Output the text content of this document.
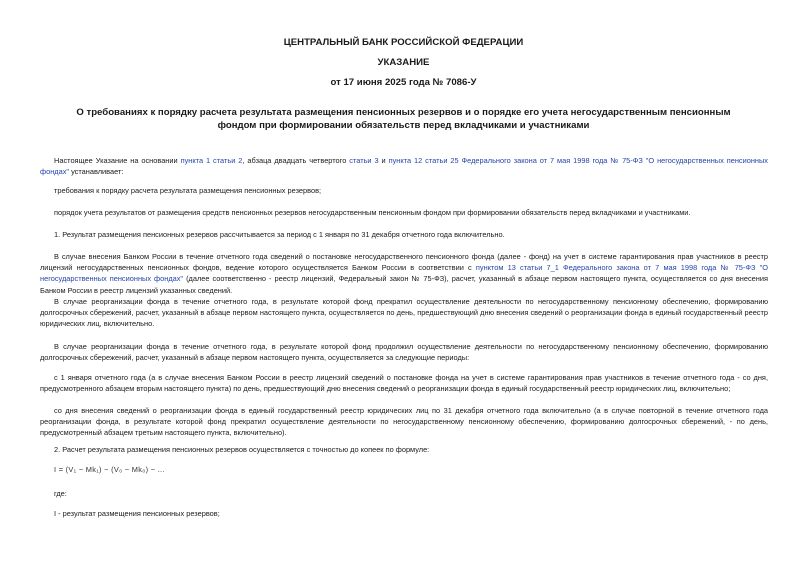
ЦЕНТРАЛЬНЫЙ БАНК РОССИЙСКОЙ ФЕДЕРАЦИИ
УКАЗАНИЕ
от 17 июня 2025 года № 7086-У
О требованиях к порядку расчета результата размещения пенсионных резервов и о порядке его учета негосударственным пенсионным фондом при формировании обязательств перед вкладчиками и участниками
Настоящее Указание на основании пункта 1 статьи 2, абзаца двадцать четвертого статьи 3 и пункта 12 статьи 25 Федерального закона от 7 мая 1998 года № 75-ФЗ "О негосударственных пенсионных фондах" устанавливает:
требования к порядку расчета результата размещения пенсионных резервов;
порядок учета результатов от размещения средств пенсионных резервов негосударственным пенсионным фондом при формировании обязательств перед вкладчиками и участниками.
1. Результат размещения пенсионных резервов рассчитывается за период с 1 января по 31 декабря отчетного года включительно.
В случае внесения Банком России в течение отчетного года сведений о постановке негосударственного пенсионного фонда (далее - фонд) на учет в системе гарантирования прав участников в реестр лицензий негосударственных пенсионных фондов, ведение которого осуществляется Банком России в соответствии с пунктом 13 статьи 7_1 Федерального закона от 7 мая 1998 года № 75-ФЗ "О негосударственных пенсионных фондах" (далее соответственно - реестр лицензий, Федеральный закон № 75-ФЗ), расчет, указанный в абзаце первом настоящего пункта, осуществляется со дня внесения Банком России в реестр лицензий указанных сведений.
В случае реорганизации фонда в течение отчетного года, в результате которой фонд прекратил осуществление деятельности по негосударственному пенсионному обеспечению, формированию долгосрочных сбережений, расчет, указанный в абзаце первом настоящего пункта, осуществляется по день, предшествующий дню внесения сведений о реорганизации фонда в единый государственный реестр юридических лиц, включительно.
В случае реорганизации фонда в течение отчетного года, в результате которой фонд продолжил осуществление деятельности по негосударственному пенсионному обеспечению, формированию долгосрочных сбережений, расчет, указанный в абзаце первом настоящего пункта, осуществляется за следующие периоды:
с 1 января отчетного года (а в случае внесения Банком России в реестр лицензий сведений о постановке фонда на учет в системе гарантирования прав участников в течение отчетного года - со дня, предусмотренного абзацем вторым настоящего пункта) по день, предшествующий дню внесения сведений о реорганизации фонда в единый государственный реестр юридических лиц, включительно;
со дня внесения сведений о реорганизации фонда в единый государственный реестр юридических лиц по 31 декабря отчетного года включительно (а в случае повторной в течение отчетного года реорганизации фонда, в результате которой фонд прекратил осуществление деятельности по негосударственному пенсионному обеспечению, формированию долгосрочных сбережений, - по день, предусмотренный абзацем третьим настоящего пункта, включительно).
2. Расчет результата размещения пенсионных резервов осуществляется с точностью до копеек по формуле:
I = (V₁ − Mk₁) − (V₀ − Mk₀) − ...
где:
I - результат размещения пенсионных резервов;
